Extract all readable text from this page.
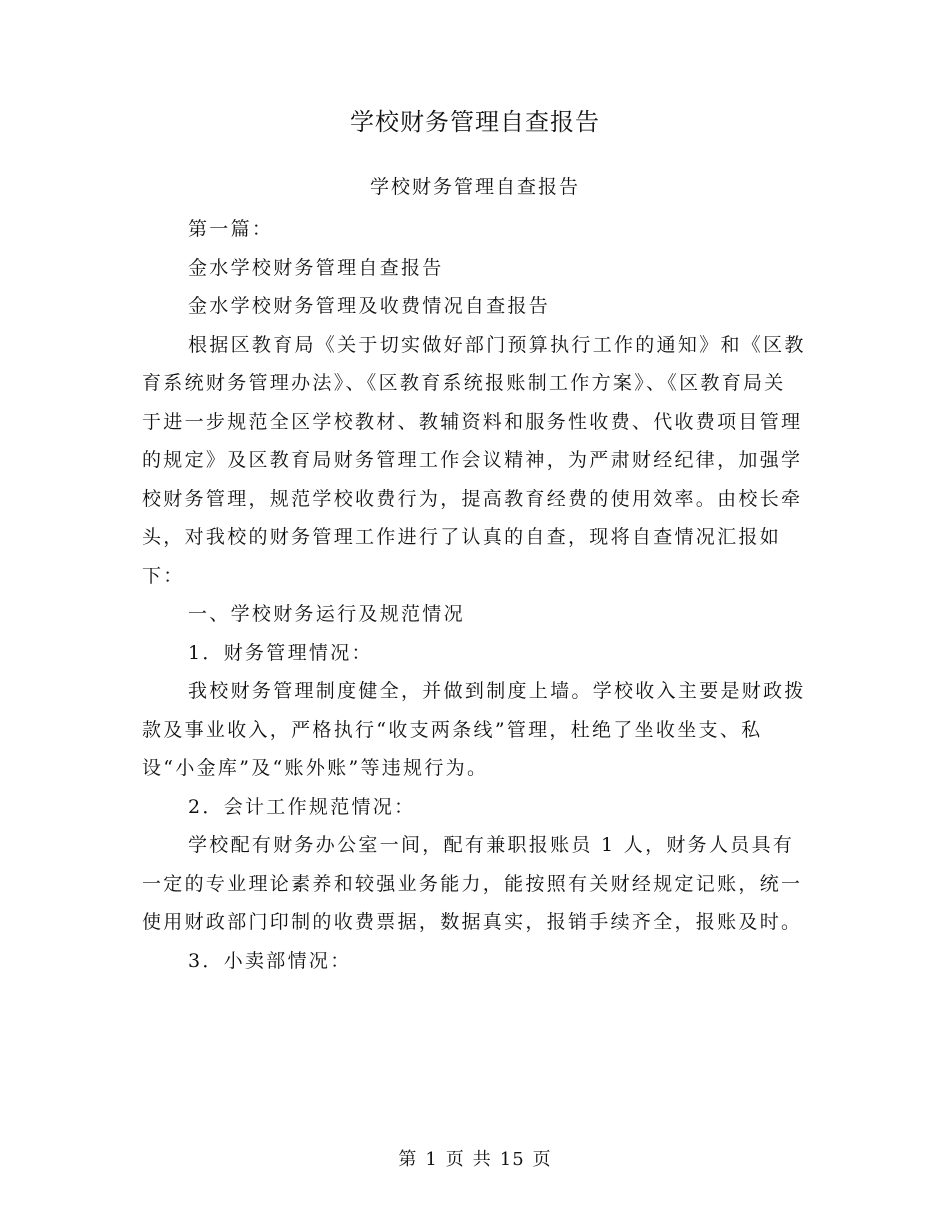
学校财务管理自查报告
学校财务管理自查报告

第一篇：

金水学校财务管理自查报告

金水学校财务管理及收费情况自查报告

根据区教育局《关于切实做好部门预算执行工作的通知》和《区教育系统财务管理办法》、《区教育系统报账制工作方案》、《区教育局关于进一步规范全区学校教材、教辅资料和服务性收费、代收费项目管理的规定》及区教育局财务管理工作会议精神，为严肃财经纪律，加强学校财务管理，规范学校收费行为，提高教育经费的使用效率。由校长牵头，对我校的财务管理工作进行了认真的自查，现将自查情况汇报如下：

一、学校财务运行及规范情况

1．财务管理情况：

我校财务管理制度健全，并做到制度上墙。学校收入主要是财政拨款及事业收入，严格执行“收支两条线”管理，杜绝了坐收坐支、私设“小金库”及“账外账”等违规行为。

2．会计工作规范情况：

学校配有财务办公室一间，配有兼职报账员 1 人，财务人员具有一定的专业理论素养和较强业务能力，能按照有关财经规定记账，统一使用财政部门印制的收费票据，数据真实，报销手续齐全，报账及时。

3．小卖部情况：

第 1 页 共 15 页
